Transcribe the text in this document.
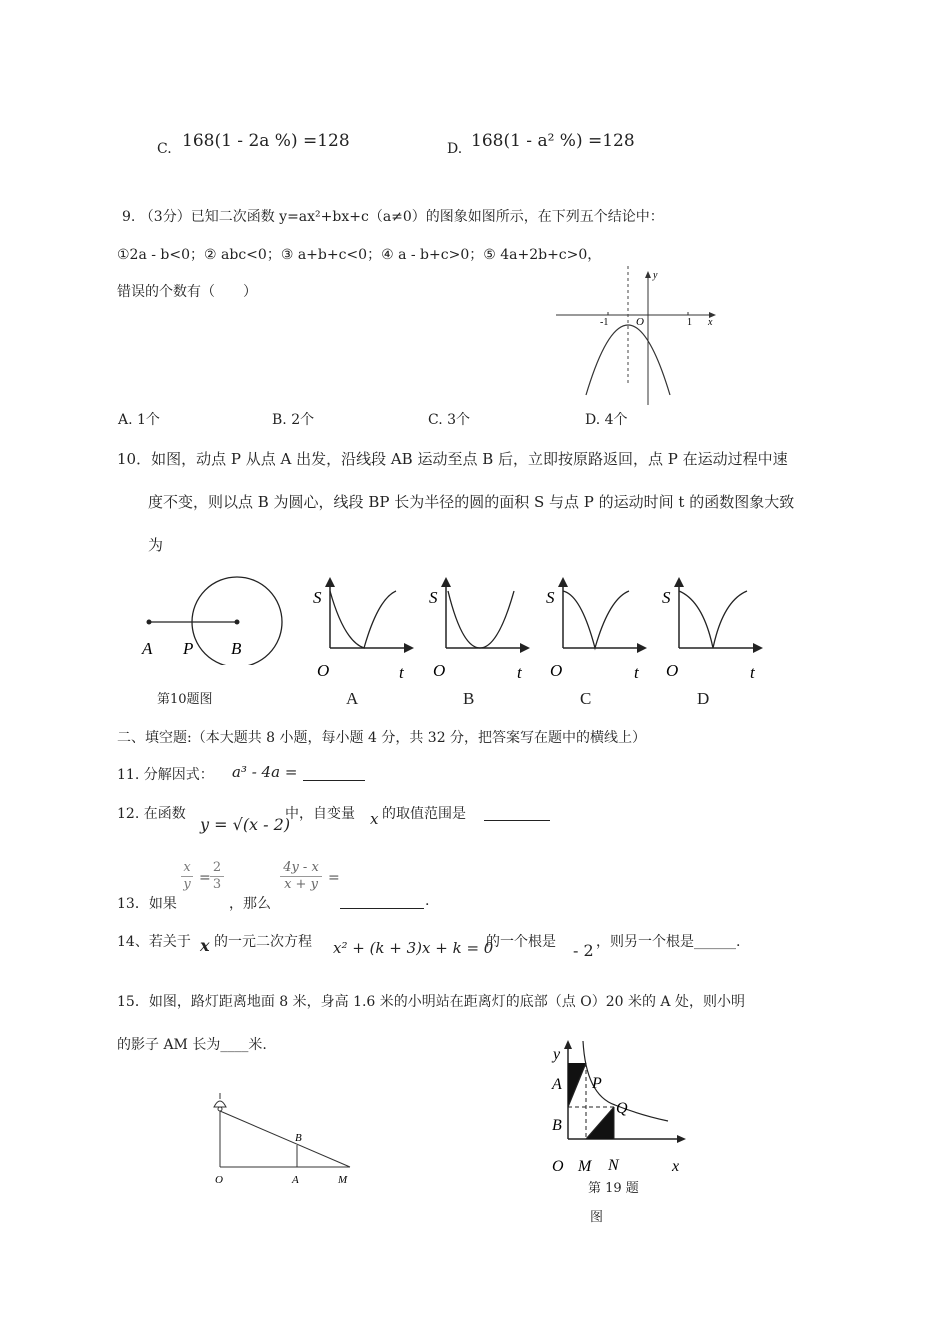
C. 168(1 - 2a %) =128	D. 168(1 - a² %) =128
9. （3分）已知二次函数 y=ax²+bx+c（a≠0）的图象如图所示，在下列五个结论中：
①2a - b<0；② abc<0；③ a+b+c<0；④ a - b+c>0；⑤ 4a+2b+c>0，
错误的个数有（　　）
y
x
O
-1	1
A. 1个	B. 2个	C. 3个	D. 4个
10．如图，动点 P 从点 A 出发，沿线段 AB 运动至点 B 后，立即按原路返回，点 P 在运动过程中速
度不变，则以点 B 为圆心，线段 BP 长为半径的圆的面积 S 与点 P 的运动时间 t 的函数图象大致
为
A P B
第10题图
S
O	t
A
S
O	t
B
S
O	t
C
S
O	t
D
二、填空题:（本大题共 8 小题，每小题 4 分，共 32 分，把答案写在题中的横线上）
11. 分解因式： a³ - 4a =
12. 在函数
y = √(x - 2)
中，自变量 x 的取值范围是
13．如果
$\frac{x}{y} = \frac{2}{3}$
，那么
$\frac{4y - x}{x + y}$ =
.
14、若关于 x 的一元二次方程 x² + (k + 3)x + k = 0
的一个根是 - 2 ，则另一个根是______.
15．如图，路灯距离地面 8 米，身高 1.6 米的小明站在距离灯的底部（点 O）20 米的 A 处，则小明
的影子 AM 长为____米.
O	A	M
B
y
A P
B
Q
O M N	x
第 19 题
图
